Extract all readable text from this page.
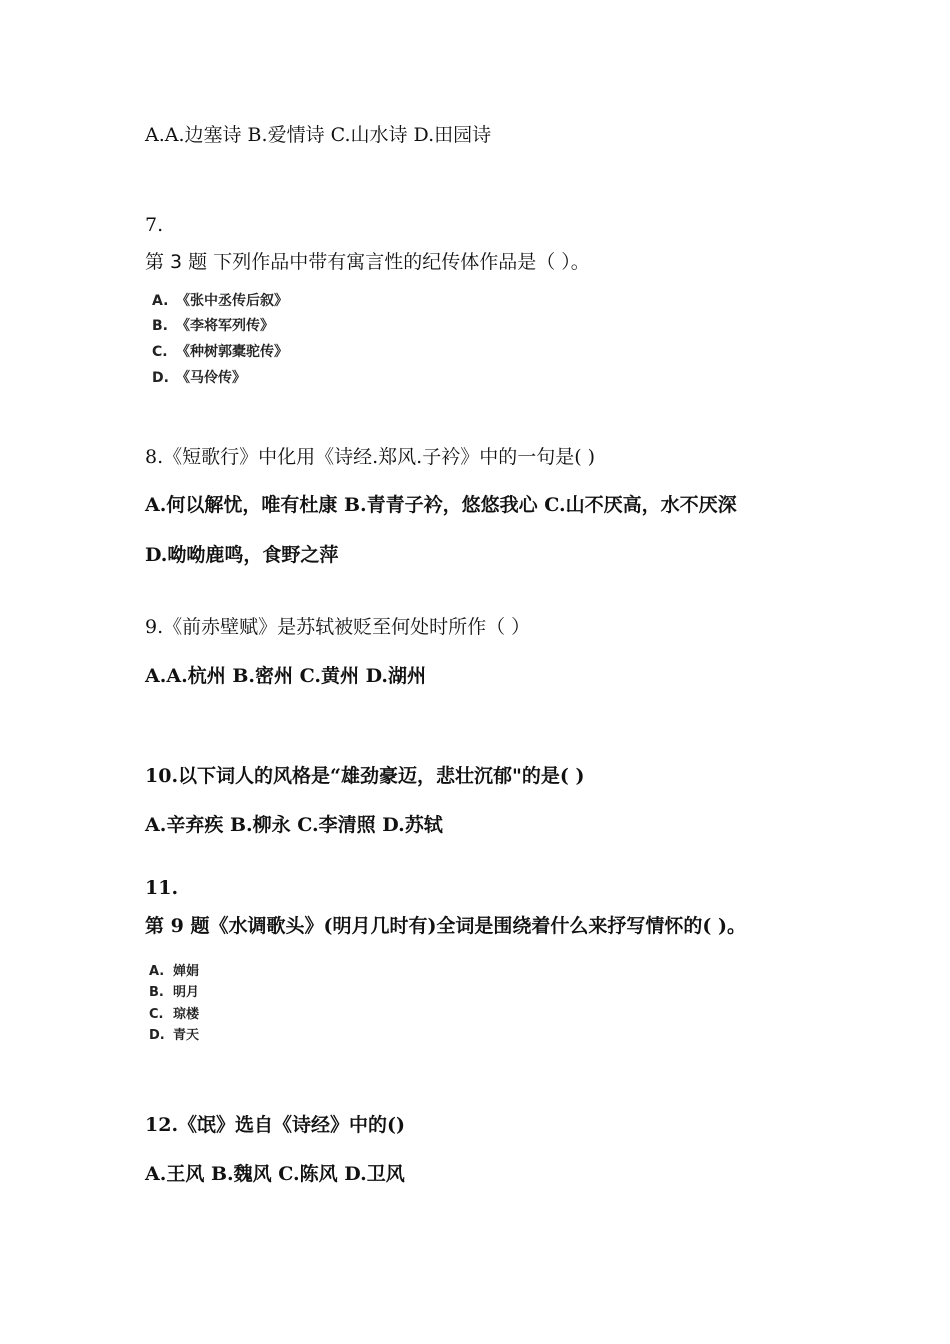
A.A.边塞诗 B.爱情诗 C.山水诗 D.田园诗
7.
第 3 题 下列作品中带有寓言性的纪传体作品是（ ）。
A. 《张中丞传后叙》
B. 《李将军列传》
C. 《种树郭橐驼传》
D. 《马伶传》
8.《短歌行》中化用《诗经.郑风.子衿》中的一句是( )
A.何以解忧，唯有杜康 B.青青子衿，悠悠我心 C.山不厌高，水不厌深
D.呦呦鹿鸣，食野之萍
9.《前赤壁赋》是苏轼被贬至何处时所作（ ）
A.A.杭州 B.密州 C.黄州 D.湖州
10.以下词人的风格是“雄劲豪迈，悲壮沉郁"的是( )
A.辛弃疾 B.柳永 C.李清照 D.苏轼
11.
第 9 题《水调歌头》(明月几时有)全词是围绕着什么来抒写情怀的( )。
A. 婵娟
B. 明月
C. 琼楼
D. 青天
12.《氓》选自《诗经》中的()
A.王风 B.魏风 C.陈风 D.卫风
